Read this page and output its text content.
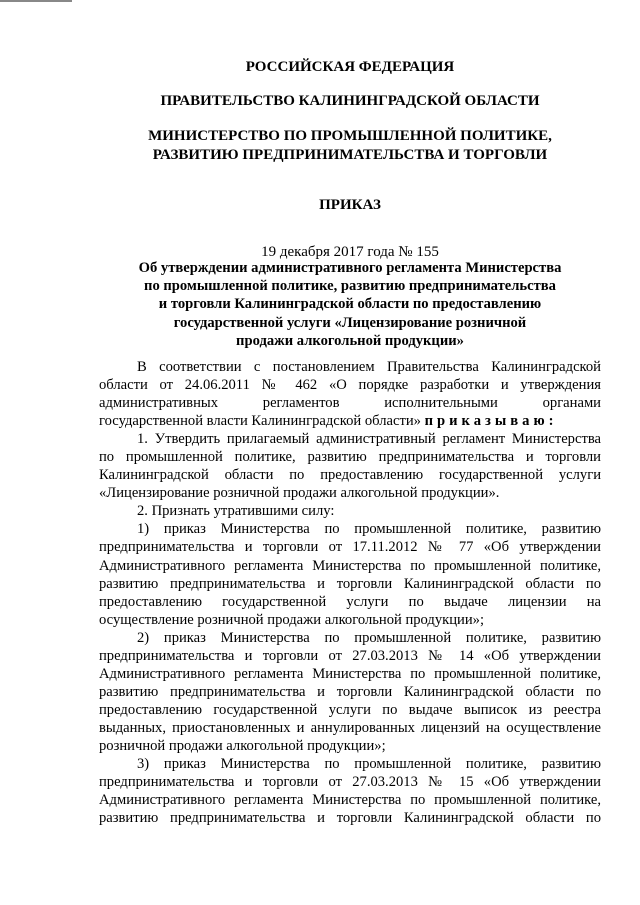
РОССИЙСКАЯ ФЕДЕРАЦИЯ

ПРАВИТЕЛЬСТВО КАЛИНИНГРАДСКОЙ ОБЛАСТИ

МИНИСТЕРСТВО ПО ПРОМЫШЛЕННОЙ ПОЛИТИКЕ,

РАЗВИТИЮ ПРЕДПРИНИМАТЕЛЬСТВА И ТОРГОВЛИ

ПРИКАЗ

19 декабря 2017 года № 155

Об утверждении административного регламента Министерства

по промышленной политике, развитию предпринимательства

и торговли Калининградской области по предоставлению

государственной услуги «Лицензирование розничной

продажи алкогольной продукции»

В соответствии с постановлением Правительства Калининградской
области от 24.06.2011 № 462 «О порядке разработки и утверждения
административных регламентов исполнительными органами
государственной власти Калининградской области» приказываю:
1. Утвердить прилагаемый административный регламент Министерства
по промышленной политике, развитию предпринимательства и торговли
Калининградской области по предоставлению государственной услуги
«Лицензирование розничной продажи алкогольной продукции».
2. Признать утратившими силу:
1) приказ Министерства по промышленной политике, развитию
предпринимательства и торговли от 17.11.2012 № 77 «Об утверждении
Административного регламента Министерства по промышленной политике,
развитию предпринимательства и торговли Калининградской области по
предоставлению государственной услуги по выдаче лицензии на
осуществление розничной продажи алкогольной продукции»;
2) приказ Министерства по промышленной политике, развитию
предпринимательства и торговли от 27.03.2013 № 14 «Об утверждении
Административного регламента Министерства по промышленной политике,
развитию предпринимательства и торговли Калининградской области по
предоставлению государственной услуги по выдаче выписок из реестра
выданных, приостановленных и аннулированных лицензий на осуществление
розничной продажи алкогольной продукции»;
3) приказ Министерства по промышленной политике, развитию
предпринимательства и торговли от 27.03.2013 № 15 «Об утверждении
Административного регламента Министерства по промышленной политике,
развитию предпринимательства и торговли Калининградской области по
